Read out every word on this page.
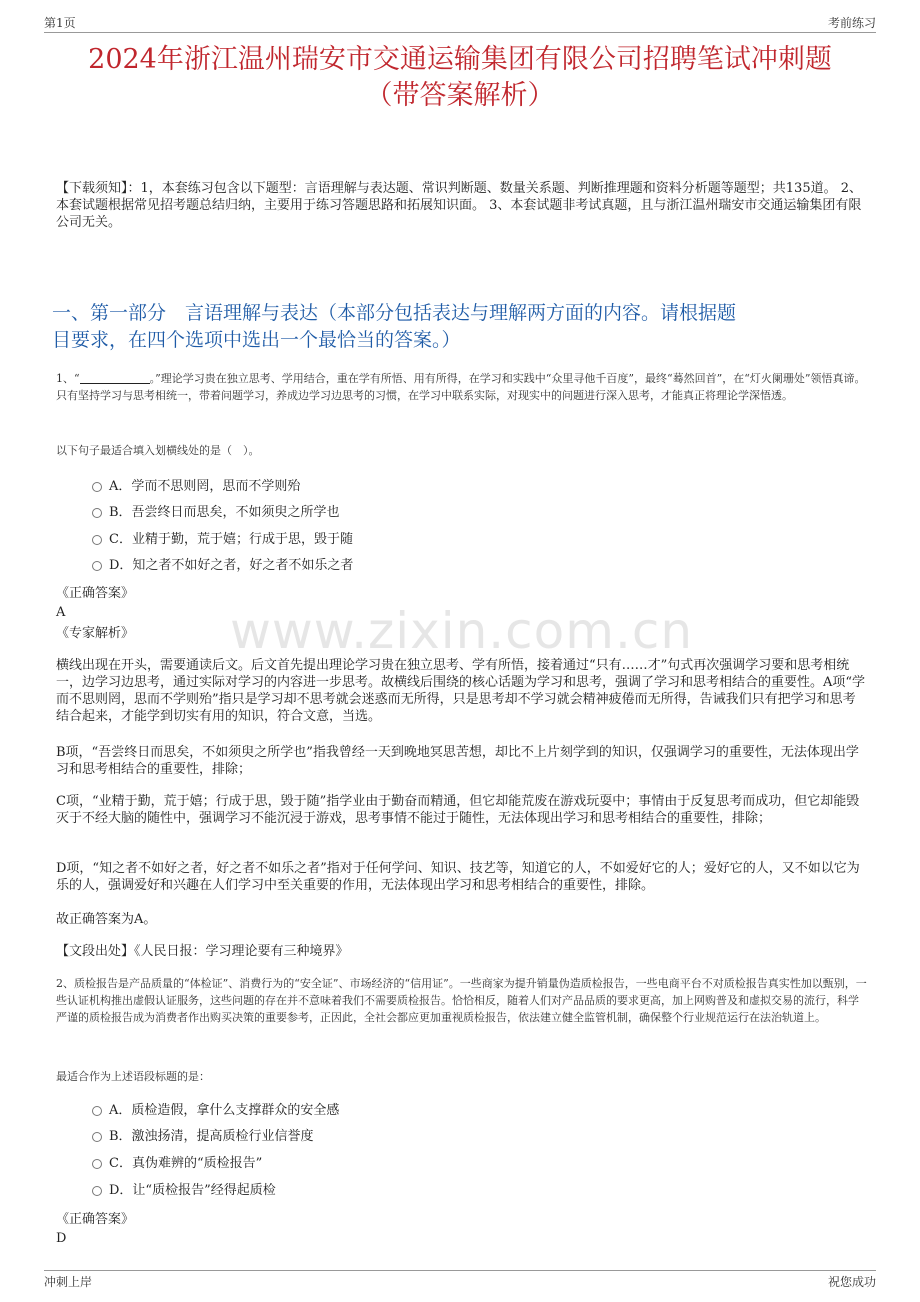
第1页	考前练习
2024年浙江温州瑞安市交通运输集团有限公司招聘笔试冲刺题
（带答案解析）
www.zixin.com.cn
【下载须知】：1，本套练习包含以下题型：言语理解与表达题、常识判断题、数量关系题、判断推理题和资料分析题等题型；共135道。 2、本套试题根据常见招考题总结归纳，主要用于练习答题思路和拓展知识面。 3、本套试题非考试真题，且与浙江温州瑞安市交通运输集团有限公司无关。
一、第一部分　言语理解与表达（本部分包括表达与理解两方面的内容。请根据题
目要求，在四个选项中选出一个最恰当的答案。）
1、“	。”理论学习贵在独立思考、学用结合，重在学有所悟、用有所得，在学习和实践中“众里寻他千百度”，最终“蓦然回首”，在“灯火阑珊处”领悟真谛。只有坚持学习与思考相统一，带着问题学习，养成边学习边思考的习惯，在学习中联系实际，对现实中的问题进行深入思考，才能真正将理论学深悟透。
以下句子最适合填入划横线处的是（　）。
A．学而不思则罔，思而不学则殆
B．吾尝终日而思矣，不如须臾之所学也
C．业精于勤，荒于嬉；行成于思，毁于随
D．知之者不如好之者，好之者不如乐之者
《正确答案》
A
《专家解析》
横线出现在开头，需要通读后文。后文首先提出理论学习贵在独立思考、学有所悟，接着通过“只有……才”句式再次强调学习要和思考相统一，边学习边思考，通过实际对学习的内容进一步思考。故横线后围绕的核心话题为学习和思考，强调了学习和思考相结合的重要性。A项“学而不思则罔，思而不学则殆”指只是学习却不思考就会迷惑而无所得，只是思考却不学习就会精神疲倦而无所得，告诫我们只有把学习和思考结合起来，才能学到切实有用的知识，符合文意，当选。
B项，“吾尝终日而思矣，不如须臾之所学也”指我曾经一天到晚地冥思苦想，却比不上片刻学到的知识，仅强调学习的重要性，无法体现出学习和思考相结合的重要性，排除；
C项，“业精于勤，荒于嬉；行成于思，毁于随”指学业由于勤奋而精通，但它却能荒废在游戏玩耍中；事情由于反复思考而成功，但它却能毁灭于不经大脑的随性中，强调学习不能沉浸于游戏，思考事情不能过于随性，无法体现出学习和思考相结合的重要性，排除；
D项，“知之者不如好之者，好之者不如乐之者”指对于任何学问、知识、技艺等，知道它的人，不如爱好它的人；爱好它的人，又不如以它为乐的人，强调爱好和兴趣在人们学习中至关重要的作用，无法体现出学习和思考相结合的重要性，排除。
故正确答案为A。
【文段出处】《人民日报：学习理论要有三种境界》
2、质检报告是产品质量的“体检证”、消费行为的“安全证”、市场经济的“信用证”。一些商家为提升销量伪造质检报告，一些电商平台不对质检报告真实性加以甄别，一些认证机构推出虚假认证服务，这些问题的存在并不意味着我们不需要质检报告。恰恰相反，随着人们对产品品质的要求更高，加上网购普及和虚拟交易的流行，科学严谨的质检报告成为消费者作出购买决策的重要参考，正因此，全社会都应更加重视质检报告，依法建立健全监管机制，确保整个行业规范运行在法治轨道上。
最适合作为上述语段标题的是：
A．质检造假，拿什么支撑群众的安全感
B．激浊扬清，提高质检行业信誉度
C．真伪难辨的“质检报告”
D．让“质检报告”经得起质检
《正确答案》
D
冲刺上岸	祝您成功
